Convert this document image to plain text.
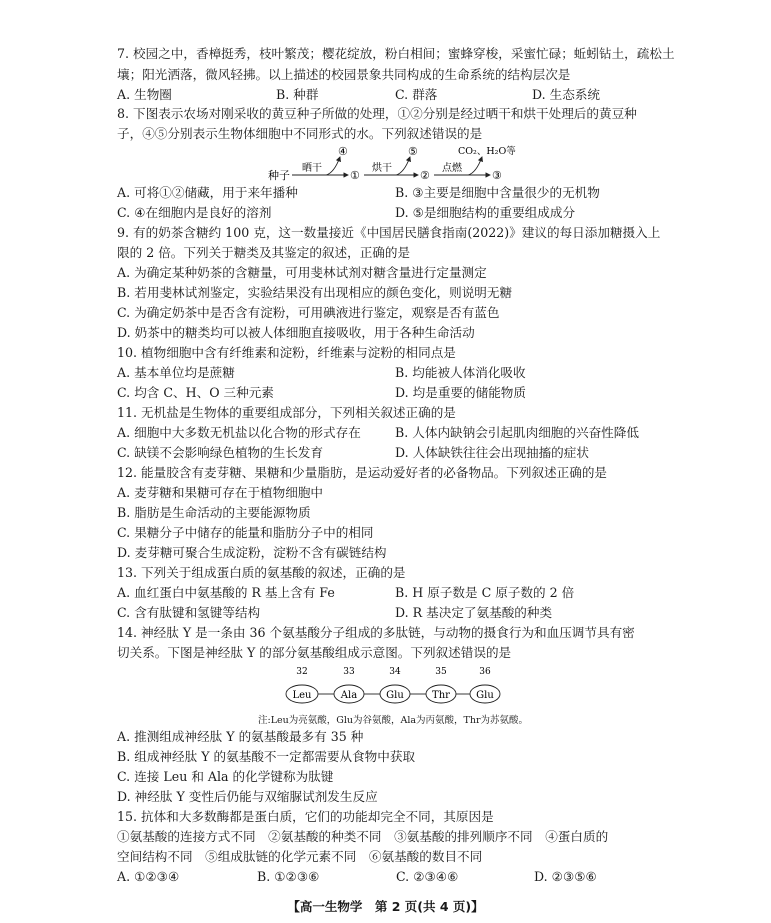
7. 校园之中，香樟挺秀，枝叶繁茂；樱花绽放，粉白相间；蜜蜂穿梭，采蜜忙碌；蚯蚓钻土，疏松土
壤；阳光洒落，微风轻拂。以上描述的校园景象共同构成的生命系统的结构层次是
A. 生物圈	B. 种群	C. 群落	D. 生态系统
8. 下图表示农场对刚采收的黄豆种子所做的处理，①②分别是经过晒干和烘干处理后的黄豆种
子，④⑤分别表示生物体细胞中不同形式的水。下列叙述错误的是
种子
晒干
④
①
烘干
⑤
②
点燃
CO₂、H₂O等
③
A. 可将①②储藏，用于来年播种	B. ③主要是细胞中含量很少的无机物
C. ④在细胞内是良好的溶剂	D. ⑤是细胞结构的重要组成成分
9. 有的奶茶含糖约 100 克，这一数量接近《中国居民膳食指南(2022)》建议的每日添加糖摄入上
限的 2 倍。下列关于糖类及其鉴定的叙述，正确的是
A. 为确定某种奶茶的含糖量，可用斐林试剂对糖含量进行定量测定
B. 若用斐林试剂鉴定，实验结果没有出现相应的颜色变化，则说明无糖
C. 为确定奶茶中是否含有淀粉，可用碘液进行鉴定，观察是否有蓝色
D. 奶茶中的糖类均可以被人体细胞直接吸收，用于各种生命活动
10. 植物细胞中含有纤维素和淀粉，纤维素与淀粉的相同点是
A. 基本单位均是蔗糖	B. 均能被人体消化吸收
C. 均含 C、H、O 三种元素	D. 均是重要的储能物质
11. 无机盐是生物体的重要组成部分，下列相关叙述正确的是
A. 细胞中大多数无机盐以化合物的形式存在	B. 人体内缺钠会引起肌肉细胞的兴奋性降低
C. 缺镁不会影响绿色植物的生长发育	D. 人体缺铁往往会出现抽搐的症状
12. 能量胶含有麦芽糖、果糖和少量脂肪，是运动爱好者的必备物品。下列叙述正确的是
A. 麦芽糖和果糖可存在于植物细胞中
B. 脂肪是生命活动的主要能源物质
C. 果糖分子中储存的能量和脂肪分子中的相同
D. 麦芽糖可聚合生成淀粉，淀粉不含有碳链结构
13. 下列关于组成蛋白质的氨基酸的叙述，正确的是
A. 血红蛋白中氨基酸的 R 基上含有 Fe	B. H 原子数是 C 原子数的 2 倍
C. 含有肽键和氢键等结构	D. R 基决定了氨基酸的种类
14. 神经肽 Y 是一条由 36 个氨基酸分子组成的多肽链，与动物的摄食行为和血压调节具有密
切关系。下图是神经肽 Y 的部分氨基酸组成示意图。下列叙述错误的是
32
Leu
33
Ala
34
Glu
35
Thr
36
Glu
注:Leu为亮氨酸，Glu为谷氨酸，Ala为丙氨酸，Thr为苏氨酸。
A. 推测组成神经肽 Y 的氨基酸最多有 35 种
B. 组成神经肽 Y 的氨基酸不一定都需要从食物中获取
C. 连接 Leu 和 Ala 的化学键称为肽键
D. 神经肽 Y 变性后仍能与双缩脲试剂发生反应
15. 抗体和大多数酶都是蛋白质，它们的功能却完全不同，其原因是
①氨基酸的连接方式不同　②氨基酸的种类不同　③氨基酸的排列顺序不同　④蛋白质的
空间结构不同　⑤组成肽链的化学元素不同　⑥氨基酸的数目不同
A. ①②③④	B. ①②③⑥	C. ②③④⑥	D. ②③⑤⑥
【高一生物学　第 2 页(共 4 页)】
